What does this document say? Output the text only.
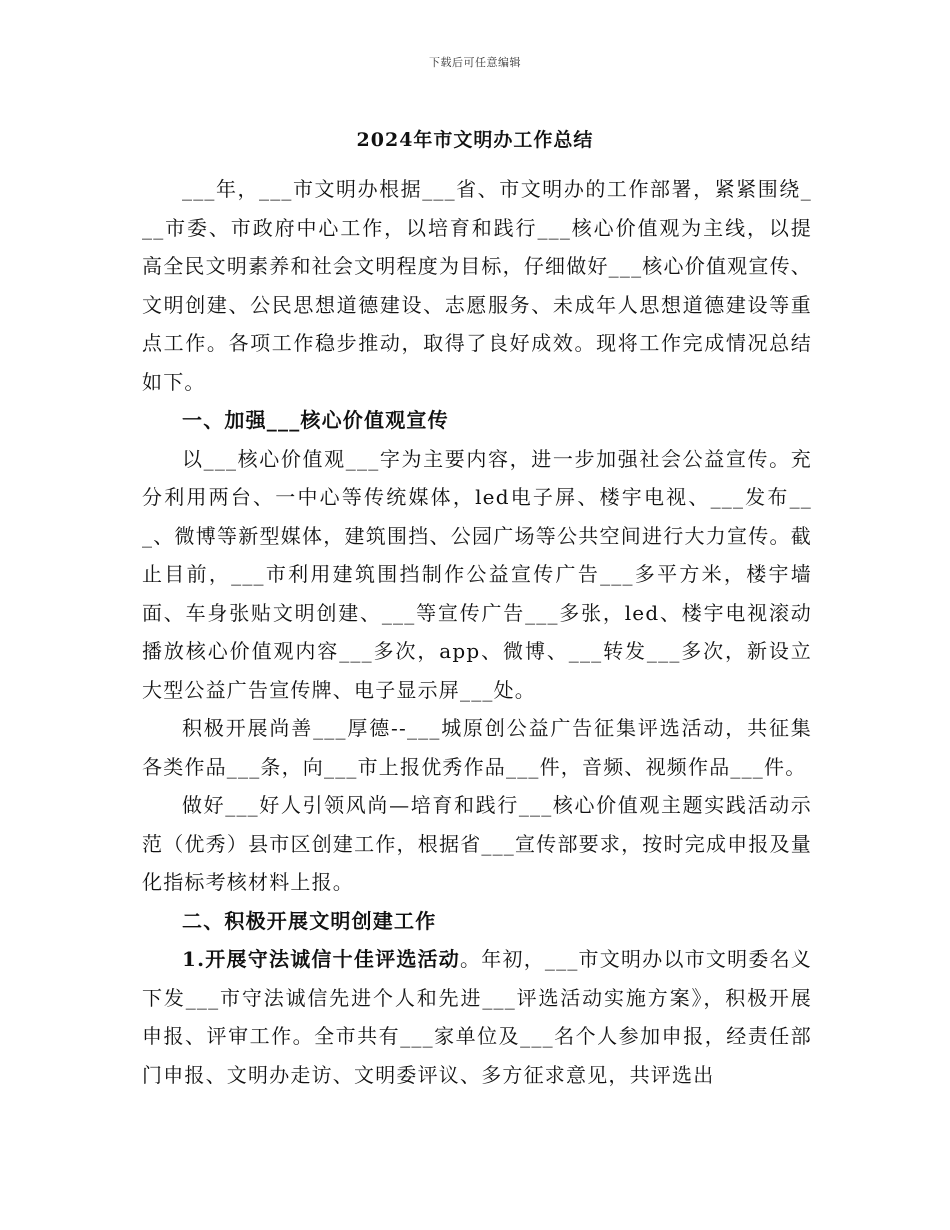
下载后可任意编辑
2024年市文明办工作总结

___年，___市文明办根据___省、市文明办的工作部署，紧紧围绕___市委、市政府中心工作，以培育和践行___核心价值观为主线，以提高全民文明素养和社会文明程度为目标，仔细做好___核心价值观宣传、文明创建、公民思想道德建设、志愿服务、未成年人思想道德建设等重点工作。各项工作稳步推动，取得了良好成效。现将工作完成情况总结如下。

一、加强___核心价值观宣传

以___核心价值观___字为主要内容，进一步加强社会公益宣传。充分利用两台、一中心等传统媒体，led电子屏、楼宇电视、___发布___、微博等新型媒体，建筑围挡、公园广场等公共空间进行大力宣传。截止目前，___市利用建筑围挡制作公益宣传广告___多平方米，楼宇墙面、车身张贴文明创建、___等宣传广告___多张，led、楼宇电视滚动播放核心价值观内容___多次，app、微博、___转发___多次，新设立大型公益广告宣传牌、电子显示屏___处。

积极开展尚善___厚德--___城原创公益广告征集评选活动，共征集各类作品___条，向___市上报优秀作品___件，音频、视频作品___件。

做好___好人引领风尚—培育和践行___核心价值观主题实践活动示范（优秀）县市区创建工作，根据省___宣传部要求，按时完成申报及量化指标考核材料上报。

二、积极开展文明创建工作

1.开展守法诚信十佳评选活动。年初，___市文明办以市文明委名义下发___市守法诚信先进个人和先进___评选活动实施方案》，积极开展申报、评审工作。全市共有___家单位及___名个人参加申报，经责任部门申报、文明办走访、文明委评议、多方征求意见，共评选出
